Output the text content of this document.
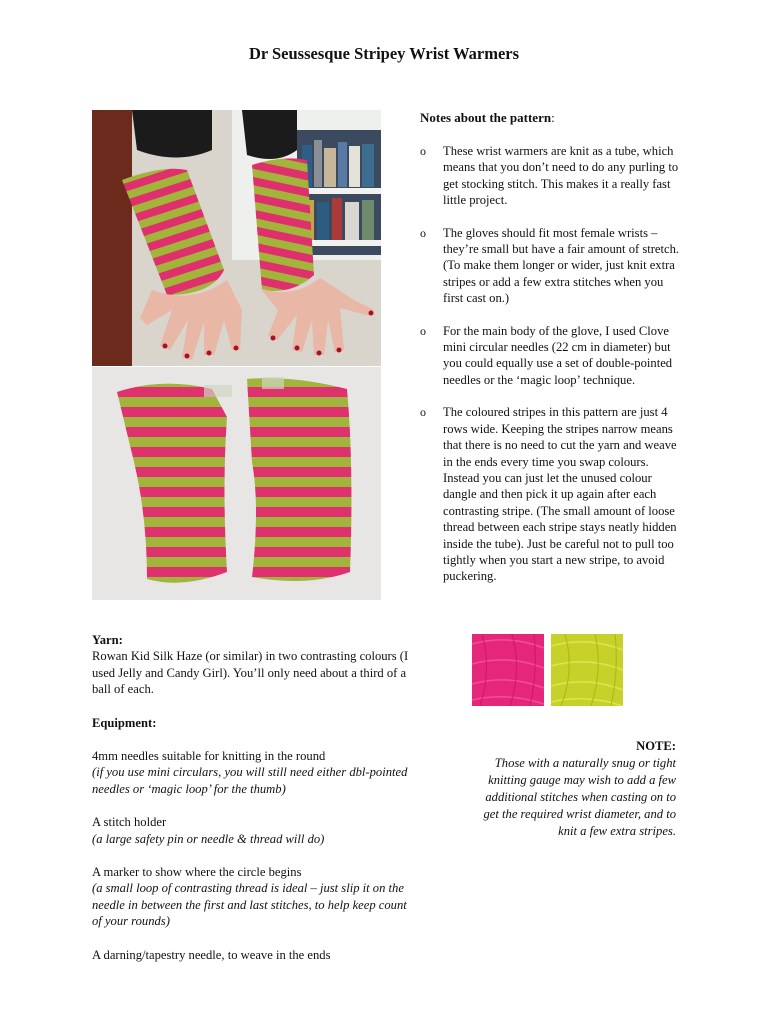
Dr Seussesque Stripey Wrist Warmers
Notes about the pattern:
o These wrist warmers are knit as a tube, which means that you don’t need to do any purling to get stocking stitch. This makes it a really fast little project.
o The gloves should fit most female wrists – they’re small but have a fair amount of stretch. (To make them longer or wider, just knit extra stripes or add a few extra stitches when you first cast on.)
o For the main body of the glove, I used Clove mini circular needles (22 cm in diameter) but you could equally use a set of double-pointed needles or the ‘magic loop’ technique.
o The coloured stripes in this pattern are just 4 rows wide. Keeping the stripes narrow means that there is no need to cut the yarn and weave in the ends every time you swap colours. Instead you can just let the unused colour dangle and then pick it up again after each contrasting stripe. (The small amount of loose thread between each stripe stays neatly hidden inside the tube). Just be careful not to pull too tightly when you start a new stripe, to avoid puckering.

Yarn:

Rowan Kid Silk Haze (or similar) in two contrasting colours (I used Jelly and Candy Girl). You’ll only need about a third of a ball of each.

Equipment:

4mm needles suitable for knitting in the round

(if you use mini circulars, you will still need either dbl-pointed needles or ‘magic loop’ for the thumb)

A stitch holder

(a large safety pin or needle & thread will do)

A marker to show where the circle begins

(a small loop of contrasting thread is ideal – just slip it on the needle in between the first and last stitches, to help keep count of your rounds)

A darning/tapestry needle, to weave in the ends

NOTE:
Those with a naturally snug or tight knitting gauge may wish to add a few additional stitches when casting on to get the required wrist diameter, and to knit a few extra stripes.
